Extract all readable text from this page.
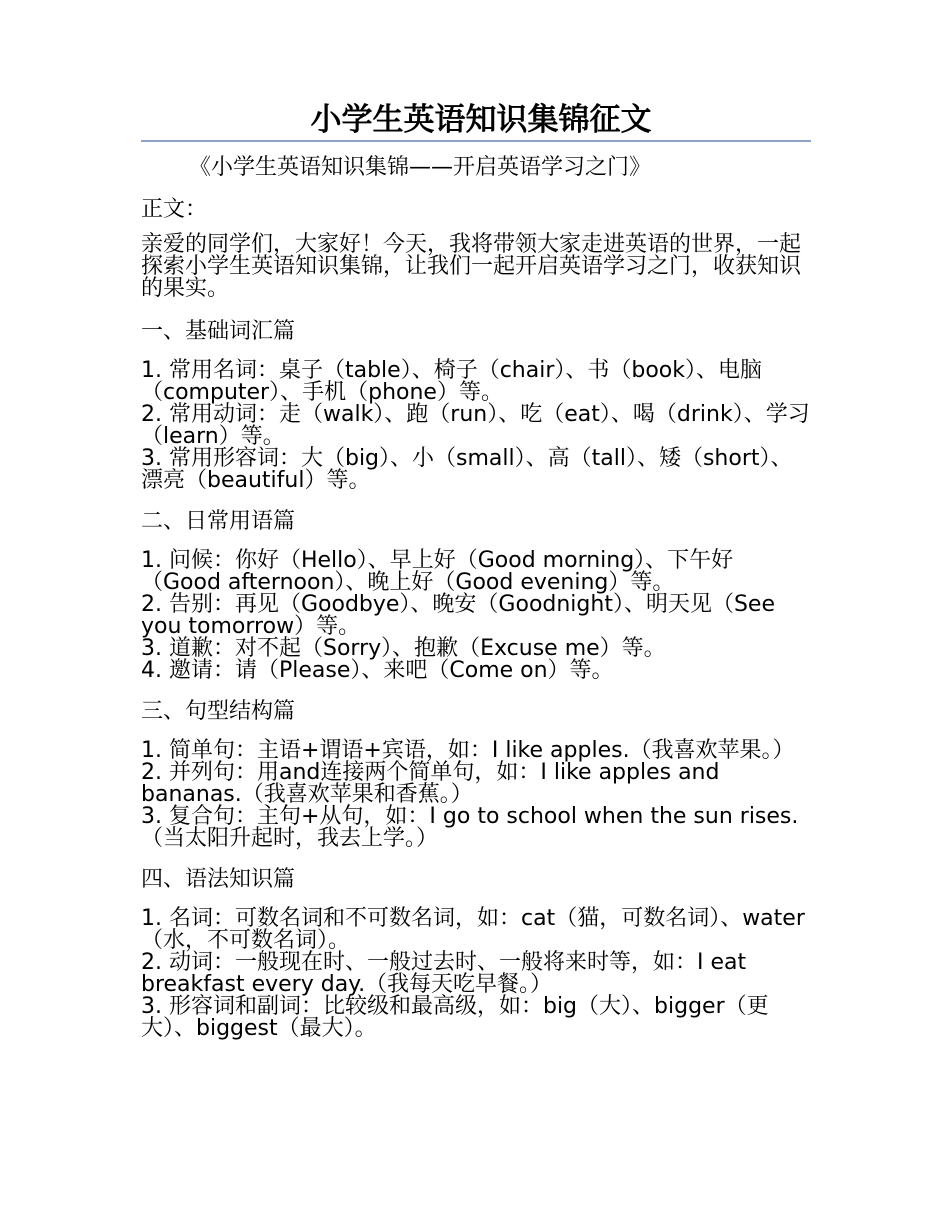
小学生英语知识集锦征文

《小学生英语知识集锦——开启英语学习之门》

正文：

亲爱的同学们，大家好！今天，我将带领大家走进英语的世界，一起探索小学生英语知识集锦，让我们一起开启英语学习之门，收获知识的果实。

一、基础词汇篇

1. 常用名词：桌子（table）、椅子（chair）、书（book）、电脑（computer）、手机（phone）等。
2. 常用动词：走（walk）、跑（run）、吃（eat）、喝（drink）、学习（learn）等。
3. 常用形容词：大（big）、小（small）、高（tall）、矮（short）、漂亮（beautiful）等。

二、日常用语篇

1. 问候：你好（Hello）、早上好（Good morning）、下午好（Good afternoon）、晚上好（Good evening）等。
2. 告别：再见（Goodbye）、晚安（Goodnight）、明天见（See you tomorrow）等。
3. 道歉：对不起（Sorry）、抱歉（Excuse me）等。
4. 邀请：请（Please）、来吧（Come on）等。

三、句型结构篇

1. 简单句：主语+谓语+宾语，如：I like apples.（我喜欢苹果。）
2. 并列句：用and连接两个简单句，如：I like apples and bananas.（我喜欢苹果和香蕉。）
3. 复合句：主句+从句，如：I go to school when the sun rises.（当太阳升起时，我去上学。）

四、语法知识篇

1. 名词：可数名词和不可数名词，如：cat（猫，可数名词）、water（水，不可数名词）。
2. 动词：一般现在时、一般过去时、一般将来时等，如：I eat breakfast every day.（我每天吃早餐。）
3. 形容词和副词：比较级和最高级，如：big（大）、bigger（更大）、biggest（最大）。
